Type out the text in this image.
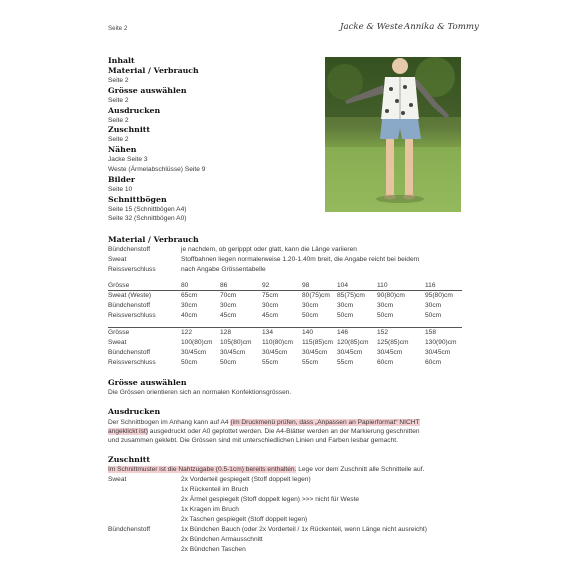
Seite 2	Jacke & Weste Annika & Tommy
Inhalt
Material / Verbrauch
Seite 2
Grösse auswählen
Seite 2
Ausdrucken
Seite 2
Zuschnitt
Seite 2
Nähen
Jacke Seite 3
Weste (Ärmelabschlüsse) Seite 9
Bilder
Seite 10
Schnittbögen
Seite 15 (Schnittbögen A4)
Seite 32 (Schnittbögen A0)
Material / Verbrauch
Bündchenstoff	je nachdem, ob geripppt oder glatt, kann die Länge variieren
Sweat	Stoffbahnen liegen normalerweise 1.20-1.40m breit, die Angabe reicht bei beidem
Reissverschluss	nach Angabe Grössentabelle
Grösse	80	86	92	98	104	110	116
Sweat (Weste)	65cm	70cm	75cm	80(75)cm 85(75)cm 90(80)cm	95(80)cm
Bündchenstoff	30cm	30cm	30cm	30cm	30cm	30cm	30cm
Reissverschluss	40cm	45cm	45cm	50cm	50cm	50cm	50cm
Grösse	122	128	134	140	146	152	158
Sweat	100(80)cm 105(80)cm 110(80)cm 115(85)cm 120(85)cm 125(85)cm 130(90)cm
Bündchenstoff	30/45cm 30/45cm	30/45cm 30/45cm 30/45cm 30/45cm	30/45cm
Reissverschluss	50cm	50cm	55cm	55cm	55cm	60cm	60cm
Grösse auswählen
Die Grössen orientieren sich an normalen Konfektionsgrössen.
Ausdrucken
Der Schnittbogen im Anhang kann auf A4 (im Druckmenü prüfen, dass „Anpassen an Papierformat“ NICHT
angeklickt ist) ausgedruckt oder A0 geplottet werden. Die A4-Blätter werden an der Markierung geschnitten
und zusammen geklebt. Die Grössen sind mit unterschiedlichen Linien und Farben lesbar gemacht.
Zuschnitt
Im Schnittmuster ist die Nahtzugabe (0.5-1cm) bereits enthalten. Lege vor dem Zuschnitt alle Schnitteile auf.
Sweat	2x Vorderteil gespiegelt (Stoff doppelt legen)
1x Rückenteil im Bruch
2x Ärmel gespiegelt (Stoff doppelt legen) >>> nicht für Weste
1x Kragen im Bruch
2x Taschen gespiegelt (Stoff doppelt legen)
Bündchenstoff	1x Bündchen Bauch (oder 2x Vorderteil / 1x Rückenteil, wenn Länge nicht ausreicht)
2x Bündchen Armausschnitt
2x Bündchen Taschen
